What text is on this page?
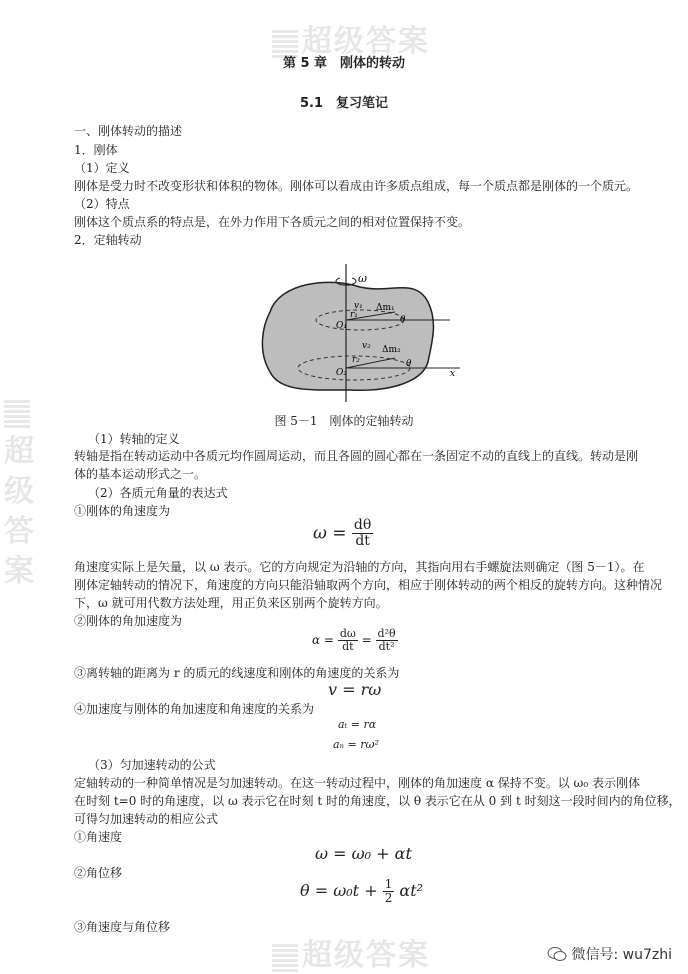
超级答案
超级答案
超级答案
第 5 章　刚体的转动
5.1　复习笔记
一、刚体转动的描述
1．刚体
（1）定义
刚体是受力时不改变形状和体积的物体。刚体可以看成由许多质点组成，每一个质点都是刚体的一个质元。
（2）特点
刚体这个质点系的特点是，在外力作用下各质元之间的相对位置保持不变。
2．定轴转动
ω
v₁ Δm₁
r₁
O₁
θ
v₂ Δm₂
r₂
O₂
θ
x
图 5－1　刚体的定轴转动
（1）转轴的定义
转轴是指在转动运动中各质元均作圆周运动，而且各圆的圆心都在一条固定不动的直线上的直线。转动是刚
体的基本运动形式之一。
（2）各质元角量的表达式
①刚体的角速度为
$\omega = \frac{d\theta}{dt}$
角速度实际上是矢量，以 ω 表示。它的方向规定为沿轴的方向，其指向用右手螺旋法则确定（图 5－1）。在
刚体定轴转动的情况下，角速度的方向只能沿轴取两个方向，相应于刚体转动的两个相反的旋转方向。这种情况
下，ω 就可用代数方法处理，用正负来区别两个旋转方向。
②刚体的角加速度为
$\alpha = \frac{d\omega}{dt} = \frac{\text{d²θ}}{\text{dt²}}$
③离转轴的距离为 r 的质元的线速度和刚体的角速度的关系为
v = rω
④加速度与刚体的角加速度和角速度的关系为
aₜ = rα
aₙ = rω²
（3）匀加速转动的公式
定轴转动的一种简单情况是匀加速转动。在这一转动过程中，刚体的角加速度 α 保持不变。以 ω₀ 表示刚体
在时刻 t=0 时的角速度，以 ω 表示它在时刻 t 时的角速度，以 θ 表示它在从 0 到 t 时刻这一段时间内的角位移，
可得匀加速转动的相应公式
①角速度
ω = ω₀ + αt
②角位移
$\theta = \omega_0t + \frac{1}{2} \alpha t^2$
③角速度与角位移
微信号: wu7zhi
